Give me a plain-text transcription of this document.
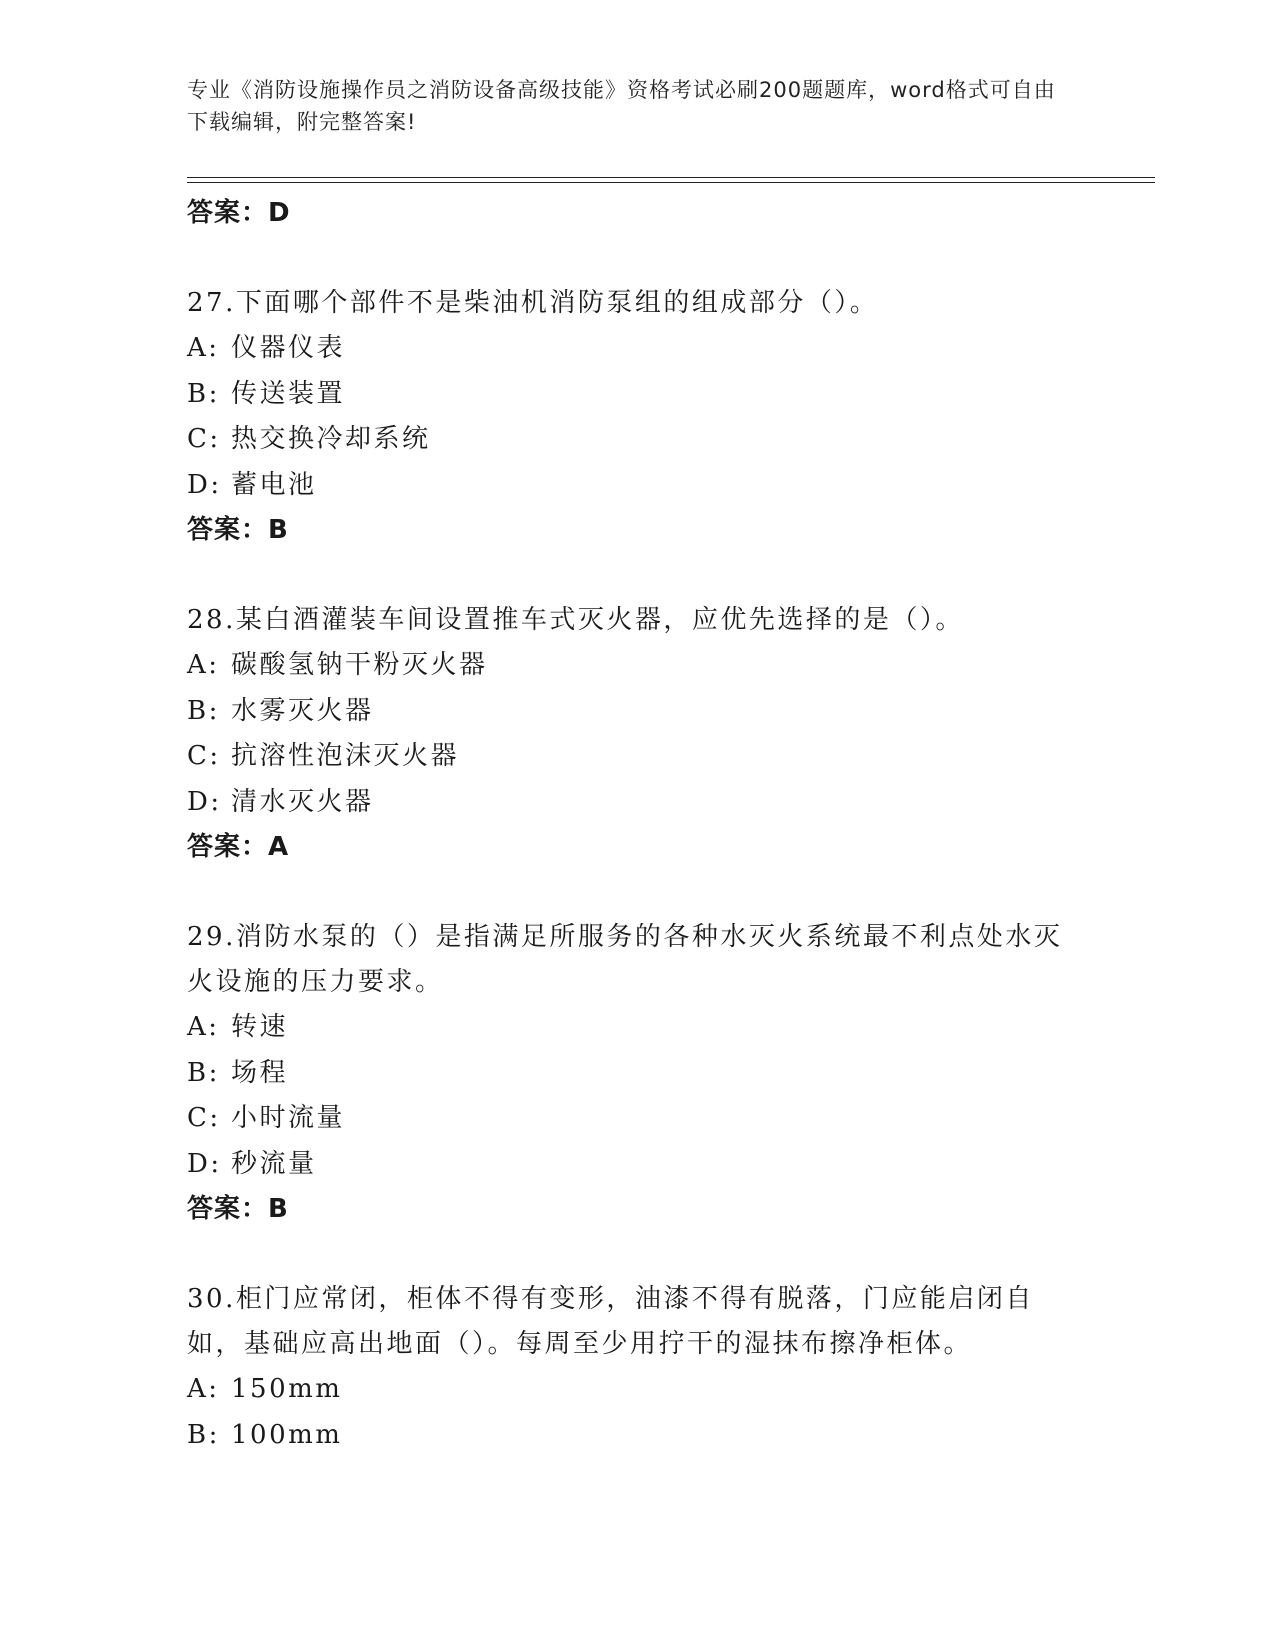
专业《消防设施操作员之消防设备高级技能》资格考试必刷200题题库，word格式可自由下载编辑，附完整答案!
答案：D
27.下面哪个部件不是柴油机消防泵组的组成部分（）。
A: 仪器仪表
B: 传送装置
C: 热交换冷却系统
D: 蓄电池
答案：B
28.某白酒灌装车间设置推车式灭火器，应优先选择的是（）。
A: 碳酸氢钠干粉灭火器
B: 水雾灭火器
C: 抗溶性泡沫灭火器
D: 清水灭火器
答案：A
29.消防水泵的（）是指满足所服务的各种水灭火系统最不利点处水灭火设施的压力要求。
A: 转速
B: 场程
C: 小时流量
D: 秒流量
答案：B
30.柜门应常闭，柜体不得有变形，油漆不得有脱落，门应能启闭自如，基础应高出地面（）。每周至少用拧干的湿抹布擦净柜体。
A: 150mm
B: 100mm
